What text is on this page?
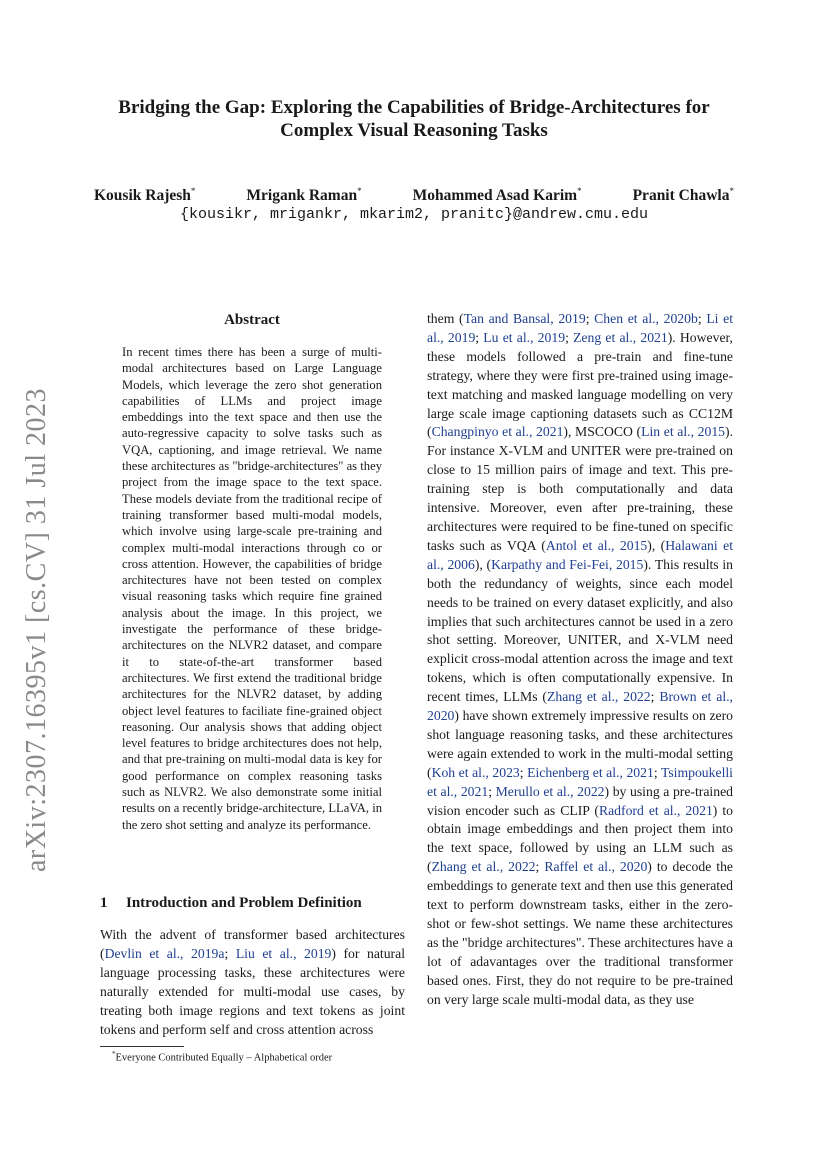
arXiv:2307.16395v1 [cs.CV] 31 Jul 2023
Bridging the Gap: Exploring the Capabilities of Bridge-Architectures for Complex Visual Reasoning Tasks
Kousik Rajesh*	Mrigank Raman*	Mohammed Asad Karim*	Pranit Chawla*
{kousikr, mrigankr, mkarim2, pranitc}@andrew.cmu.edu
Abstract

In recent times there has been a surge of multi-modal architectures based on Large Language Models, which leverage the zero shot generation capabilities of LLMs and project image embeddings into the text space and then use the auto-regressive capacity to solve tasks such as VQA, captioning, and image retrieval. We name these architectures as "bridge-architectures" as they project from the image space to the text space. These models deviate from the traditional recipe of training transformer based multi-modal models, which involve using large-scale pre-training and complex multi-modal interactions through co or cross attention. However, the capabilities of bridge architectures have not been tested on complex visual reasoning tasks which require fine grained analysis about the image. In this project, we investigate the performance of these bridge-architectures on the NLVR2 dataset, and compare it to state-of-the-art transformer based architectures. We first extend the traditional bridge architectures for the NLVR2 dataset, by adding object level features to faciliate fine-grained object reasoning. Our analysis shows that adding object level features to bridge architectures does not help, and that pre-training on multi-modal data is key for good performance on complex reasoning tasks such as NLVR2. We also demonstrate some initial results on a recently bridge-architecture, LLaVA, in the zero shot setting and analyze its performance.

1 Introduction and Problem Definition

With the advent of transformer based architectures (Devlin et al., 2019a; Liu et al., 2019) for natural language processing tasks, these architectures were naturally extended for multi-modal use cases, by treating both image regions and text tokens as joint tokens and perform self and cross attention across

*Everyone Contributed Equally – Alphabetical order

them (Tan and Bansal, 2019; Chen et al., 2020b; Li et al., 2019; Lu et al., 2019; Zeng et al., 2021). However, these models followed a pre-train and fine-tune strategy, where they were first pre-trained using image-text matching and masked language modelling on very large scale image captioning datasets such as CC12M (Changpinyo et al., 2021), MSCOCO (Lin et al., 2015). For instance X-VLM and UNITER were pre-trained on close to 15 million pairs of image and text. This pre-training step is both computationally and data intensive. Moreover, even after pre-training, these architectures were required to be fine-tuned on specific tasks such as VQA (Antol et al., 2015), (Halawani et al., 2006), (Karpathy and Fei-Fei, 2015). This results in both the redundancy of weights, since each model needs to be trained on every dataset explicitly, and also implies that such architectures cannot be used in a zero shot setting. Moreover, UNITER, and X-VLM need explicit cross-modal attention across the image and text tokens, which is often computationally expensive. In recent times, LLMs (Zhang et al., 2022; Brown et al., 2020) have shown extremely impressive results on zero shot language reasoning tasks, and these architectures were again extended to work in the multi-modal setting (Koh et al., 2023; Eichenberg et al., 2021; Tsimpoukelli et al., 2021; Merullo et al., 2022) by using a pre-trained vision encoder such as CLIP (Radford et al., 2021) to obtain image embeddings and then project them into the text space, followed by using an LLM such as (Zhang et al., 2022; Raffel et al., 2020) to decode the embeddings to generate text and then use this generated text to perform downstream tasks, either in the zero-shot or few-shot settings. We name these architectures as the "bridge architectures". These architectures have a lot of adavantages over the traditional transformer based ones. First, they do not require to be pre-trained on very large scale multi-modal data, as they use
